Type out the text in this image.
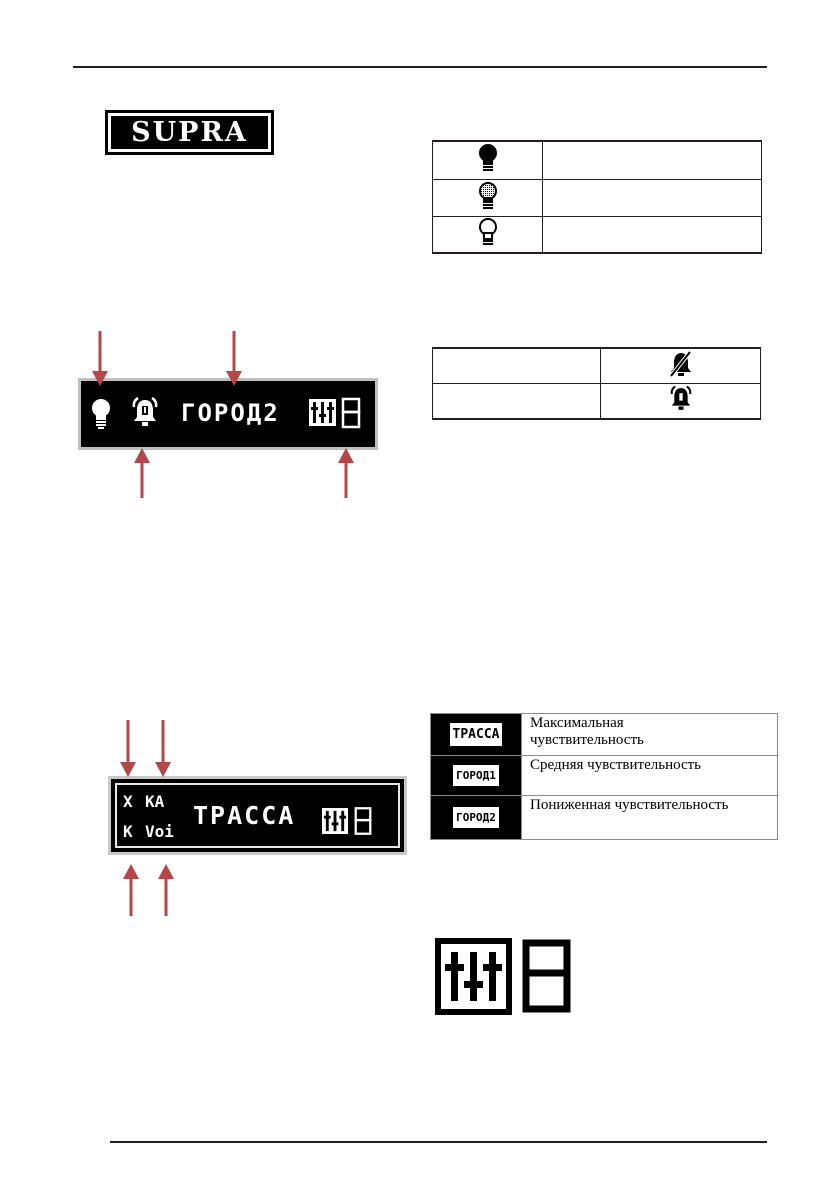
SUPRA

ГОРОД2

X KA
K Voi
ТРАССА
ТРАССА	Максимальная
чувствительность

ГОРОД1	Средняя чувствительность

ГОРОД2	Пониженная чувствительность
